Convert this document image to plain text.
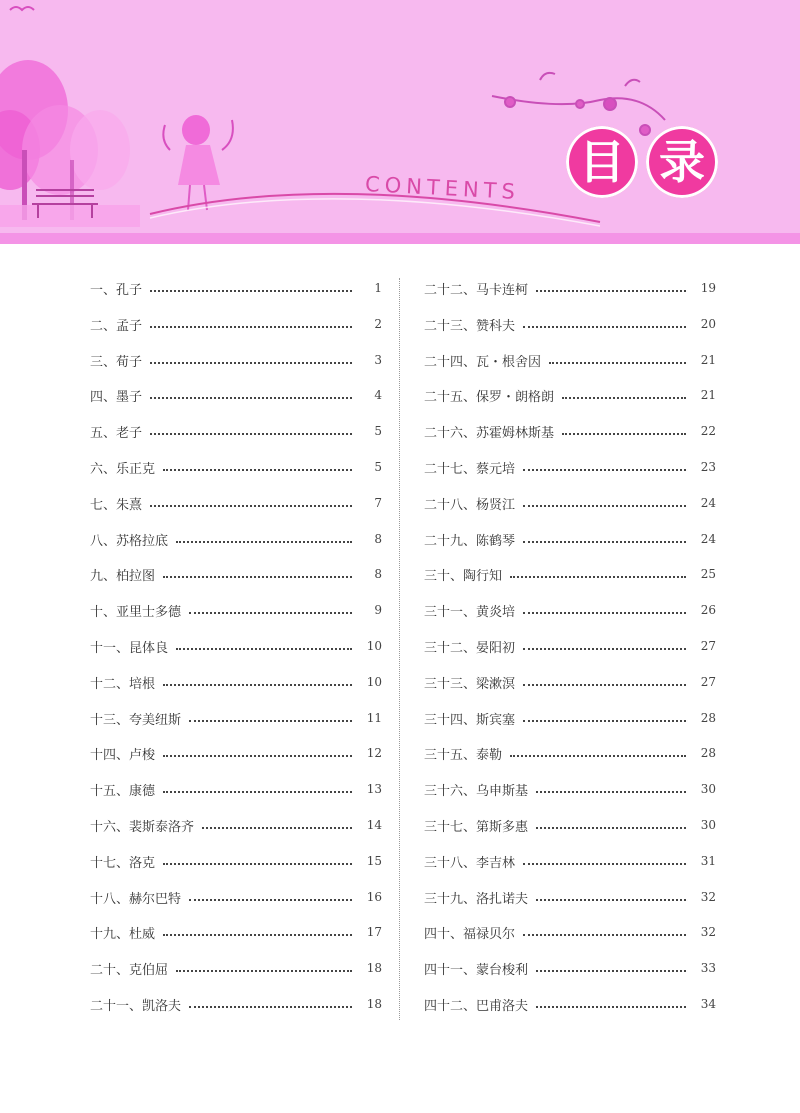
CONTENTS 目 录
一、孔子	1
二、孟子	2
三、荀子	3
四、墨子	4
五、老子	5
六、乐正克	5
七、朱熹	7
八、苏格拉底	8
九、柏拉图	8
十、亚里士多德	9
十一、昆体良	10
十二、培根	10
十三、夸美纽斯	11
十四、卢梭	12
十五、康德	13
十六、裴斯泰洛齐	14
十七、洛克	15
十八、赫尔巴特	16
十九、杜威	17
二十、克伯屈	18
二十一、凯洛夫	18
二十二、马卡连柯	19
二十三、赞科夫	20
二十四、瓦・根舍因	21
二十五、保罗・朗格朗	21
二十六、苏霍姆林斯基	22
二十七、蔡元培	23
二十八、杨贤江	24
二十九、陈鹤琴	24
三十、陶行知	25
三十一、黄炎培	26
三十二、晏阳初	27
三十三、梁漱溟	27
三十四、斯宾塞	28
三十五、泰勒	28
三十六、乌申斯基	30
三十七、第斯多惠	30
三十八、李吉林	31
三十九、洛扎诺夫	32
四十、福禄贝尔	32
四十一、蒙台梭利	33
四十二、巴甫洛夫	34
